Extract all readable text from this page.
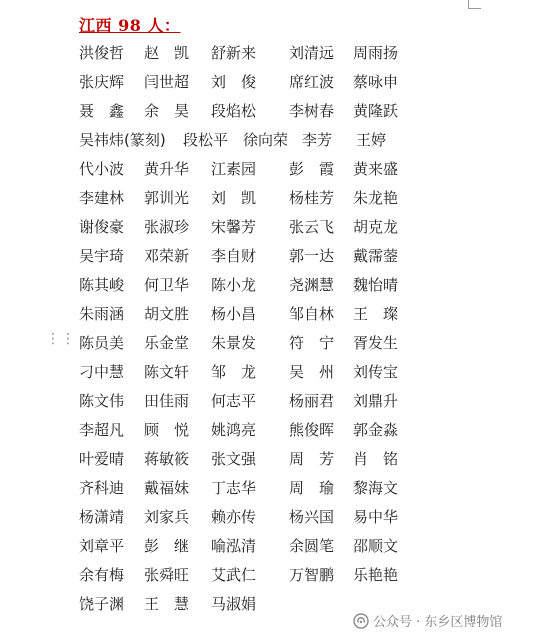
江西 98 人：
⋮⋮
洪俊哲 赵　凯 舒新来 刘清远 周雨扬
张庆辉 闫世超 刘　俊 席红波 蔡咏申
聂　鑫 余　昊 段焰松 李树春 黄隆跃
吴祎炜(篆刻) 段松平 徐向荣 李芳 王婷
代小波 黄升华 江素园 彭　霞 黄来盛
李建林 郭训光 刘　凯 杨桂芳 朱龙艳
谢俊豪 张淑珍 宋馨芳 张云飞 胡克龙
吴宇琦 邓荣新 李自财 郭一达 戴霈蓥
陈其峻 何卫华 陈小龙 尧渊慧 魏怡晴
朱雨涵 胡文胜 杨小昌 邹自林 王　璨
陈员美 乐金堂 朱景发 符　宁 胥发生
刁中慧 陈文轩 邹　龙 吴　州 刘传宝
陈文伟 田佳雨 何志平 杨丽君 刘鼎升
李超凡 顾　悦 姚鸿亮 熊俊晖 郭金淼
叶爱晴 蒋敏筱 张文强 周　芳 肖　铭
齐科迪 戴福妹 丁志华 周　瑜 黎海文
杨潇靖 刘家兵 赖亦传 杨兴国 易中华
刘章平 彭　继 喻泓清 余圆笔 邵顺文
余有梅 张舜旺 艾武仁 万智鹏 乐艳艳
饶子渊 王　慧 马淑娟
公众号 · 东乡区博物馆
